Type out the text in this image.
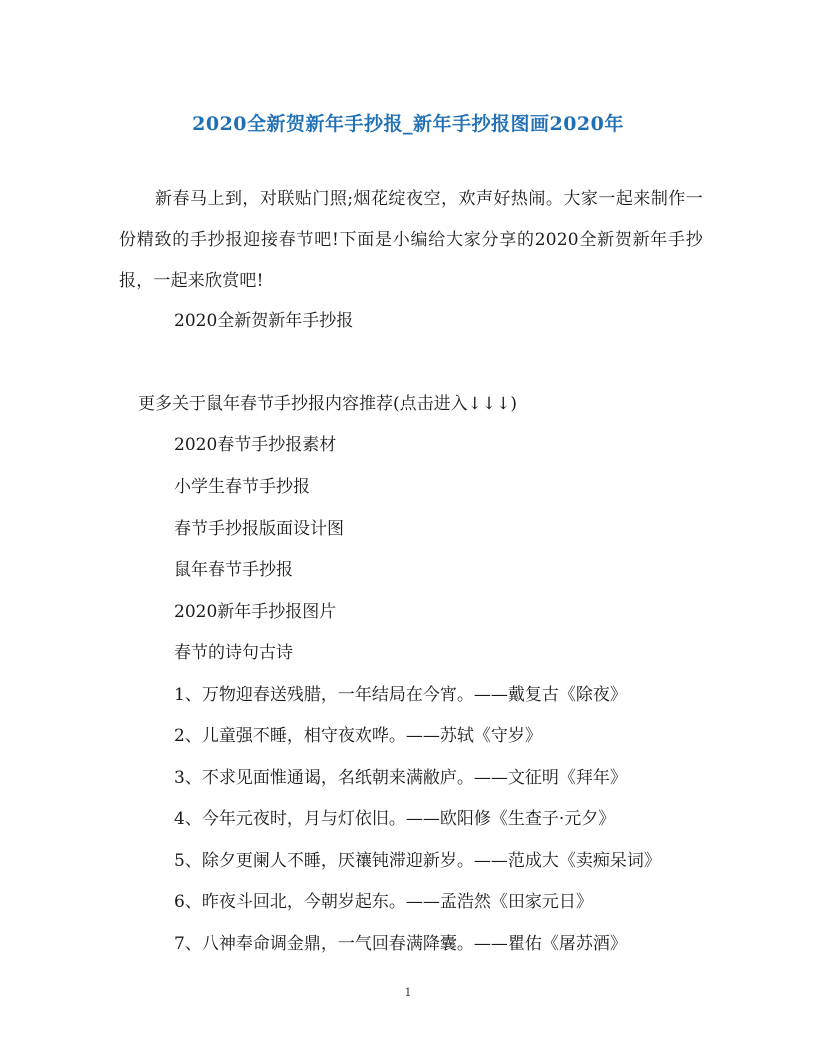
2020全新贺新年手抄报_新年手抄报图画2020年
新春马上到，对联贴门照;烟花绽夜空，欢声好热闹。大家一起来制作一份精致的手抄报迎接春节吧!下面是小编给大家分享的2020全新贺新年手抄报，一起来欣赏吧!
2020全新贺新年手抄报
更多关于鼠年春节手抄报内容推荐(点击进入↓↓↓)
2020春节手抄报素材
小学生春节手抄报
春节手抄报版面设计图
鼠年春节手抄报
2020新年手抄报图片
春节的诗句古诗
1、万物迎春送残腊，一年结局在今宵。——戴复古《除夜》
2、儿童强不睡，相守夜欢哗。——苏轼《守岁》
3、不求见面惟通谒，名纸朝来满敝庐。——文征明《拜年》
4、今年元夜时，月与灯依旧。——欧阳修《生查子·元夕》
5、除夕更阑人不睡，厌禳钝滞迎新岁。——范成大《卖痴呆词》
6、昨夜斗回北，今朝岁起东。——孟浩然《田家元日》
7、八神奉命调金鼎，一气回春满降囊。——瞿佑《屠苏酒》
1
